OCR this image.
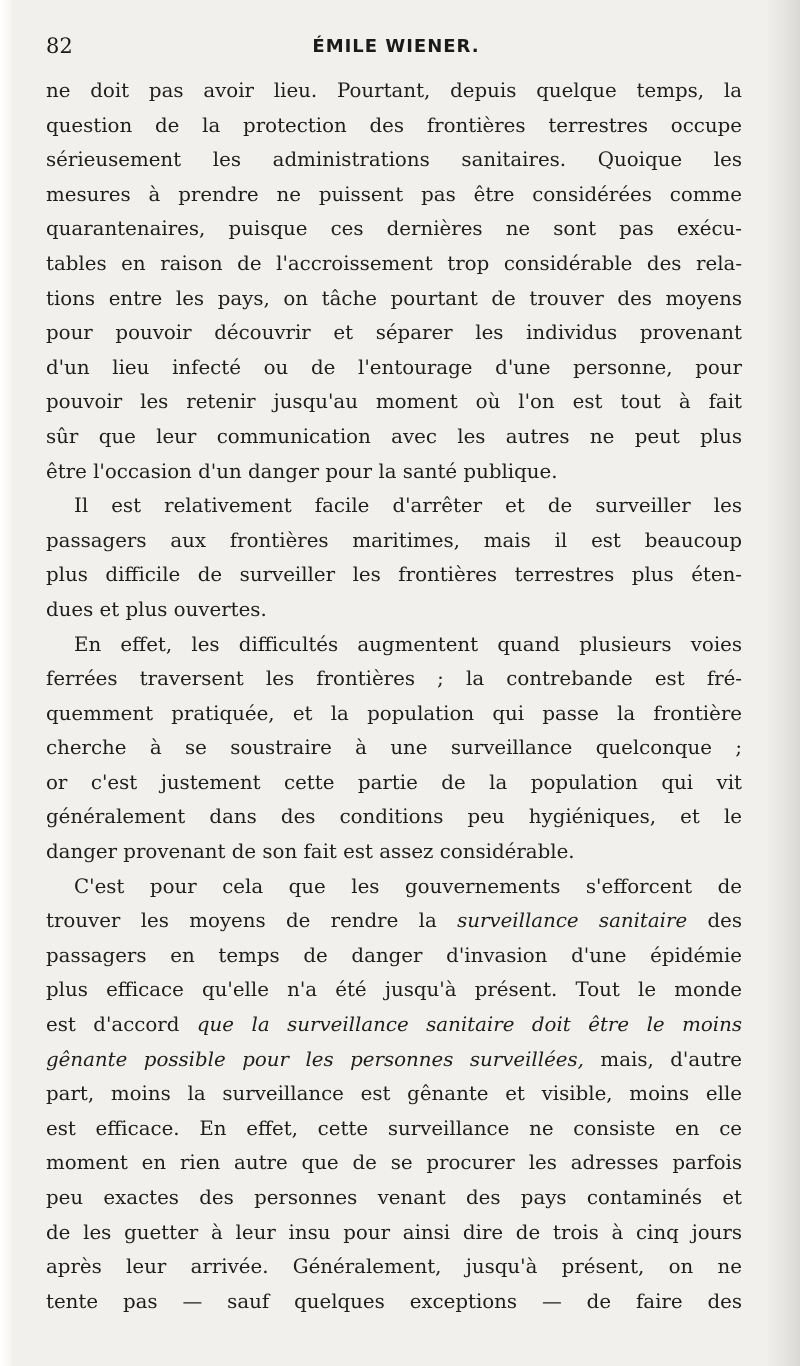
82	ÉMILE WIENER.
ne doit pas avoir lieu. Pourtant, depuis quelque temps, la
question de la protection des frontières terrestres occupe
sérieusement les administrations sanitaires. Quoique les
mesures à prendre ne puissent pas être considérées comme
quarantenaires, puisque ces dernières ne sont pas exécu-
tables en raison de l'accroissement trop considérable des rela-
tions entre les pays, on tâche pourtant de trouver des moyens
pour pouvoir découvrir et séparer les individus provenant
d'un lieu infecté ou de l'entourage d'une personne, pour
pouvoir les retenir jusqu'au moment où l'on est tout à fait
sûr que leur communication avec les autres ne peut plus
être l'occasion d'un danger pour la santé publique.
Il est relativement facile d'arrêter et de surveiller les
passagers aux frontières maritimes, mais il est beaucoup
plus difficile de surveiller les frontières terrestres plus éten-
dues et plus ouvertes.
En effet, les difficultés augmentent quand plusieurs voies
ferrées traversent les frontières ; la contrebande est fré-
quemment pratiquée, et la population qui passe la frontière
cherche à se soustraire à une surveillance quelconque ;
or c'est justement cette partie de la population qui vit
généralement dans des conditions peu hygiéniques, et le
danger provenant de son fait est assez considérable.
C'est pour cela que les gouvernements s'efforcent de
trouver les moyens de rendre la surveillance sanitaire des
passagers en temps de danger d'invasion d'une épidémie
plus efficace qu'elle n'a été jusqu'à présent. Tout le monde
est d'accord que la surveillance sanitaire doit être le moins
gênante possible pour les personnes surveillées, mais, d'autre
part, moins la surveillance est gênante et visible, moins elle
est efficace. En effet, cette surveillance ne consiste en ce
moment en rien autre que de se procurer les adresses parfois
peu exactes des personnes venant des pays contaminés et
de les guetter à leur insu pour ainsi dire de trois à cinq jours
après leur arrivée. Généralement, jusqu'à présent, on ne
tente pas — sauf quelques exceptions — de faire des
